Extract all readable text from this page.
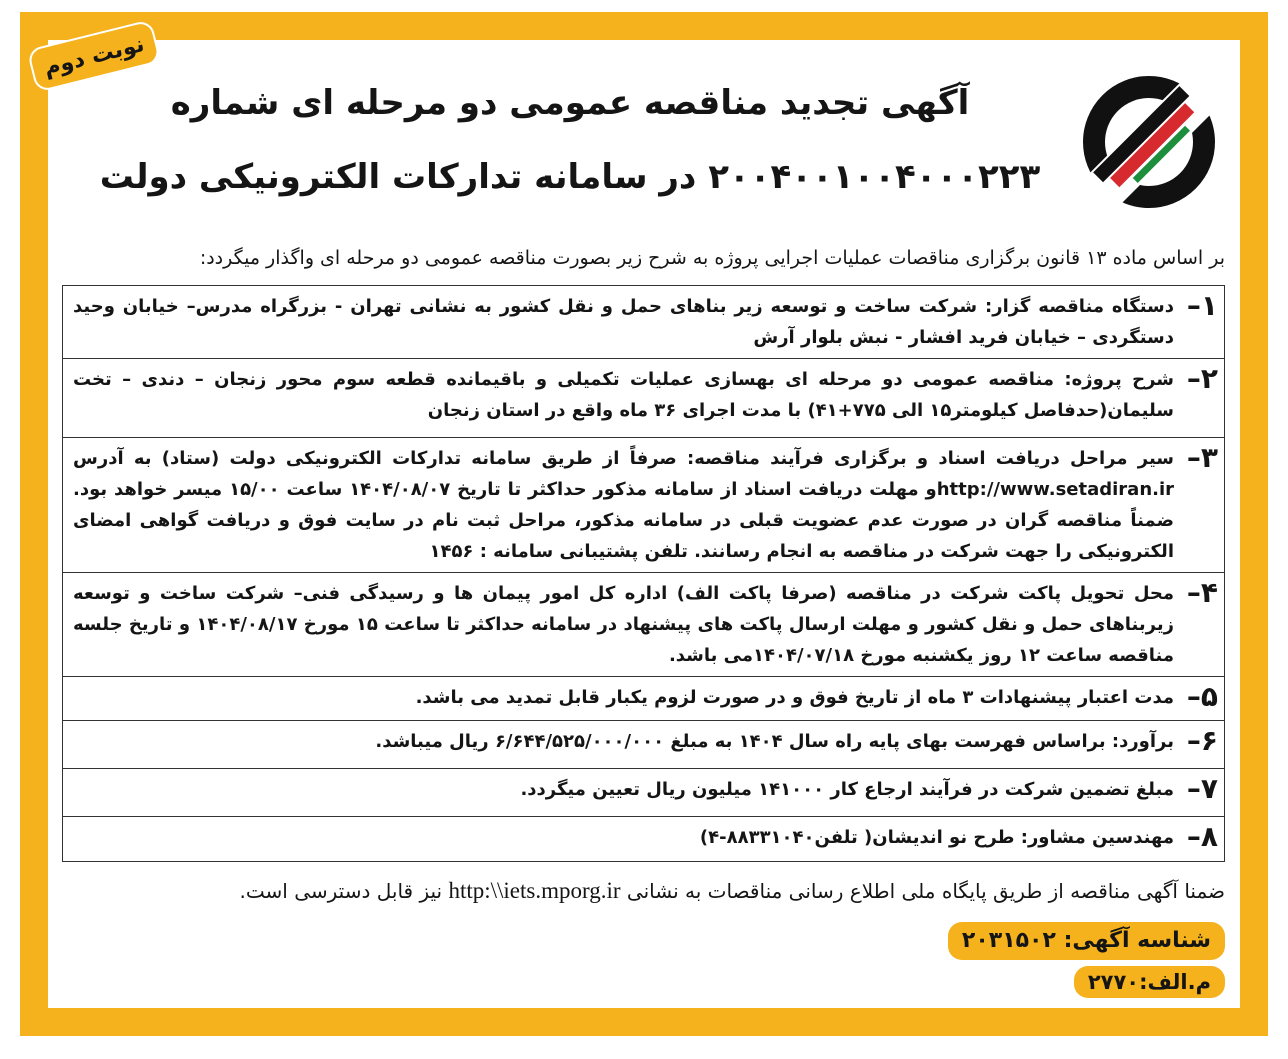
نوبت دوم
آگهی تجدید مناقصه عمومی دو مرحله ای شماره
۲۰۰۴۰۰۱۰۰۴۰۰۰۲۲۳ در سامانه تدارکات الکترونیکی دولت
بر اساس ماده ۱۳ قانون برگزاری مناقصات عملیات اجرایی پروژه به شرح زیر بصورت مناقصه عمومی دو مرحله ای واگذار میگردد:
۱–
دستگاه مناقصه گزار: شرکت ساخت و توسعه زیر بناهای حمل و نقل کشور به نشانی تهران - بزرگراه مدرس– خیابان وحید دستگردی – خیابان فرید افشار - نبش بلوار آرش
۲–
شرح پروژه: مناقصه عمومی دو مرحله ای بهسازی عملیات تکمیلی و باقیمانده قطعه سوم محور زنجان – دندی – تخت سلیمان(حدفاصل کیلومتر۱۵ الی ۷۷۵+۴۱) با مدت اجرای ۳۶ ماه واقع در استان زنجان
۳–
سیر مراحل دریافت اسناد و برگزاری فرآیند مناقصه: صرفاً از طریق سامانه تدارکات الکترونیکی دولت (ستاد) به آدرس http://www.setadiran.irو مهلت دریافت اسناد از سامانه مذکور حداکثر تا تاریخ ۱۴۰۴/۰۸/۰۷ ساعت ۱۵/۰۰ میسر خواهد بود. ضمناً مناقصه گران در صورت عدم عضویت قبلی در سامانه مذکور، مراحل ثبت نام در سایت فوق و دریافت گواهی امضای الکترونیکی را جهت شرکت در مناقصه به انجام رسانند. تلفن پشتیبانی سامانه : ۱۴۵۶
۴–
محل تحویل پاکت شرکت در مناقصه (صرفا پاکت الف) اداره کل امور پیمان ها و رسیدگی فنی– شرکت ساخت و توسعه زیربناهای حمل و نقل کشور و مهلت ارسال پاکت های پیشنهاد در سامانه حداکثر تا ساعت ۱۵ مورخ ۱۴۰۴/۰۸/۱۷ و تاریخ جلسه مناقصه ساعت ۱۲ روز یکشنبه مورخ ۱۴۰۴/۰۷/۱۸می باشد.
۵–
مدت اعتبار پیشنهادات ۳ ماه از تاریخ فوق و در صورت لزوم یکبار قابل تمدید می باشد.
۶–
برآورد: براساس فهرست بهای پایه راه سال ۱۴۰۴ به مبلغ ۶/۶۴۴/۵۲۵/۰۰۰/۰۰۰ ریال میباشد.
۷–
مبلغ تضمین شرکت در فرآیند ارجاع کار ۱۴۱۰۰۰ میلیون ریال تعیین میگردد.
۸–
مهندسین مشاور: طرح نو اندیشان( تلفن۸۸۳۳۱۰۴۰-۴)
ضمنا آگهی مناقصه از طریق پایگاه ملی اطلاع رسانی مناقصات به نشانی http:\\iets.mporg.ir نیز قابل دسترسی است.
شناسه آگهی: ۲۰۳۱۵۰۲
م.الف:۲۷۷۰
